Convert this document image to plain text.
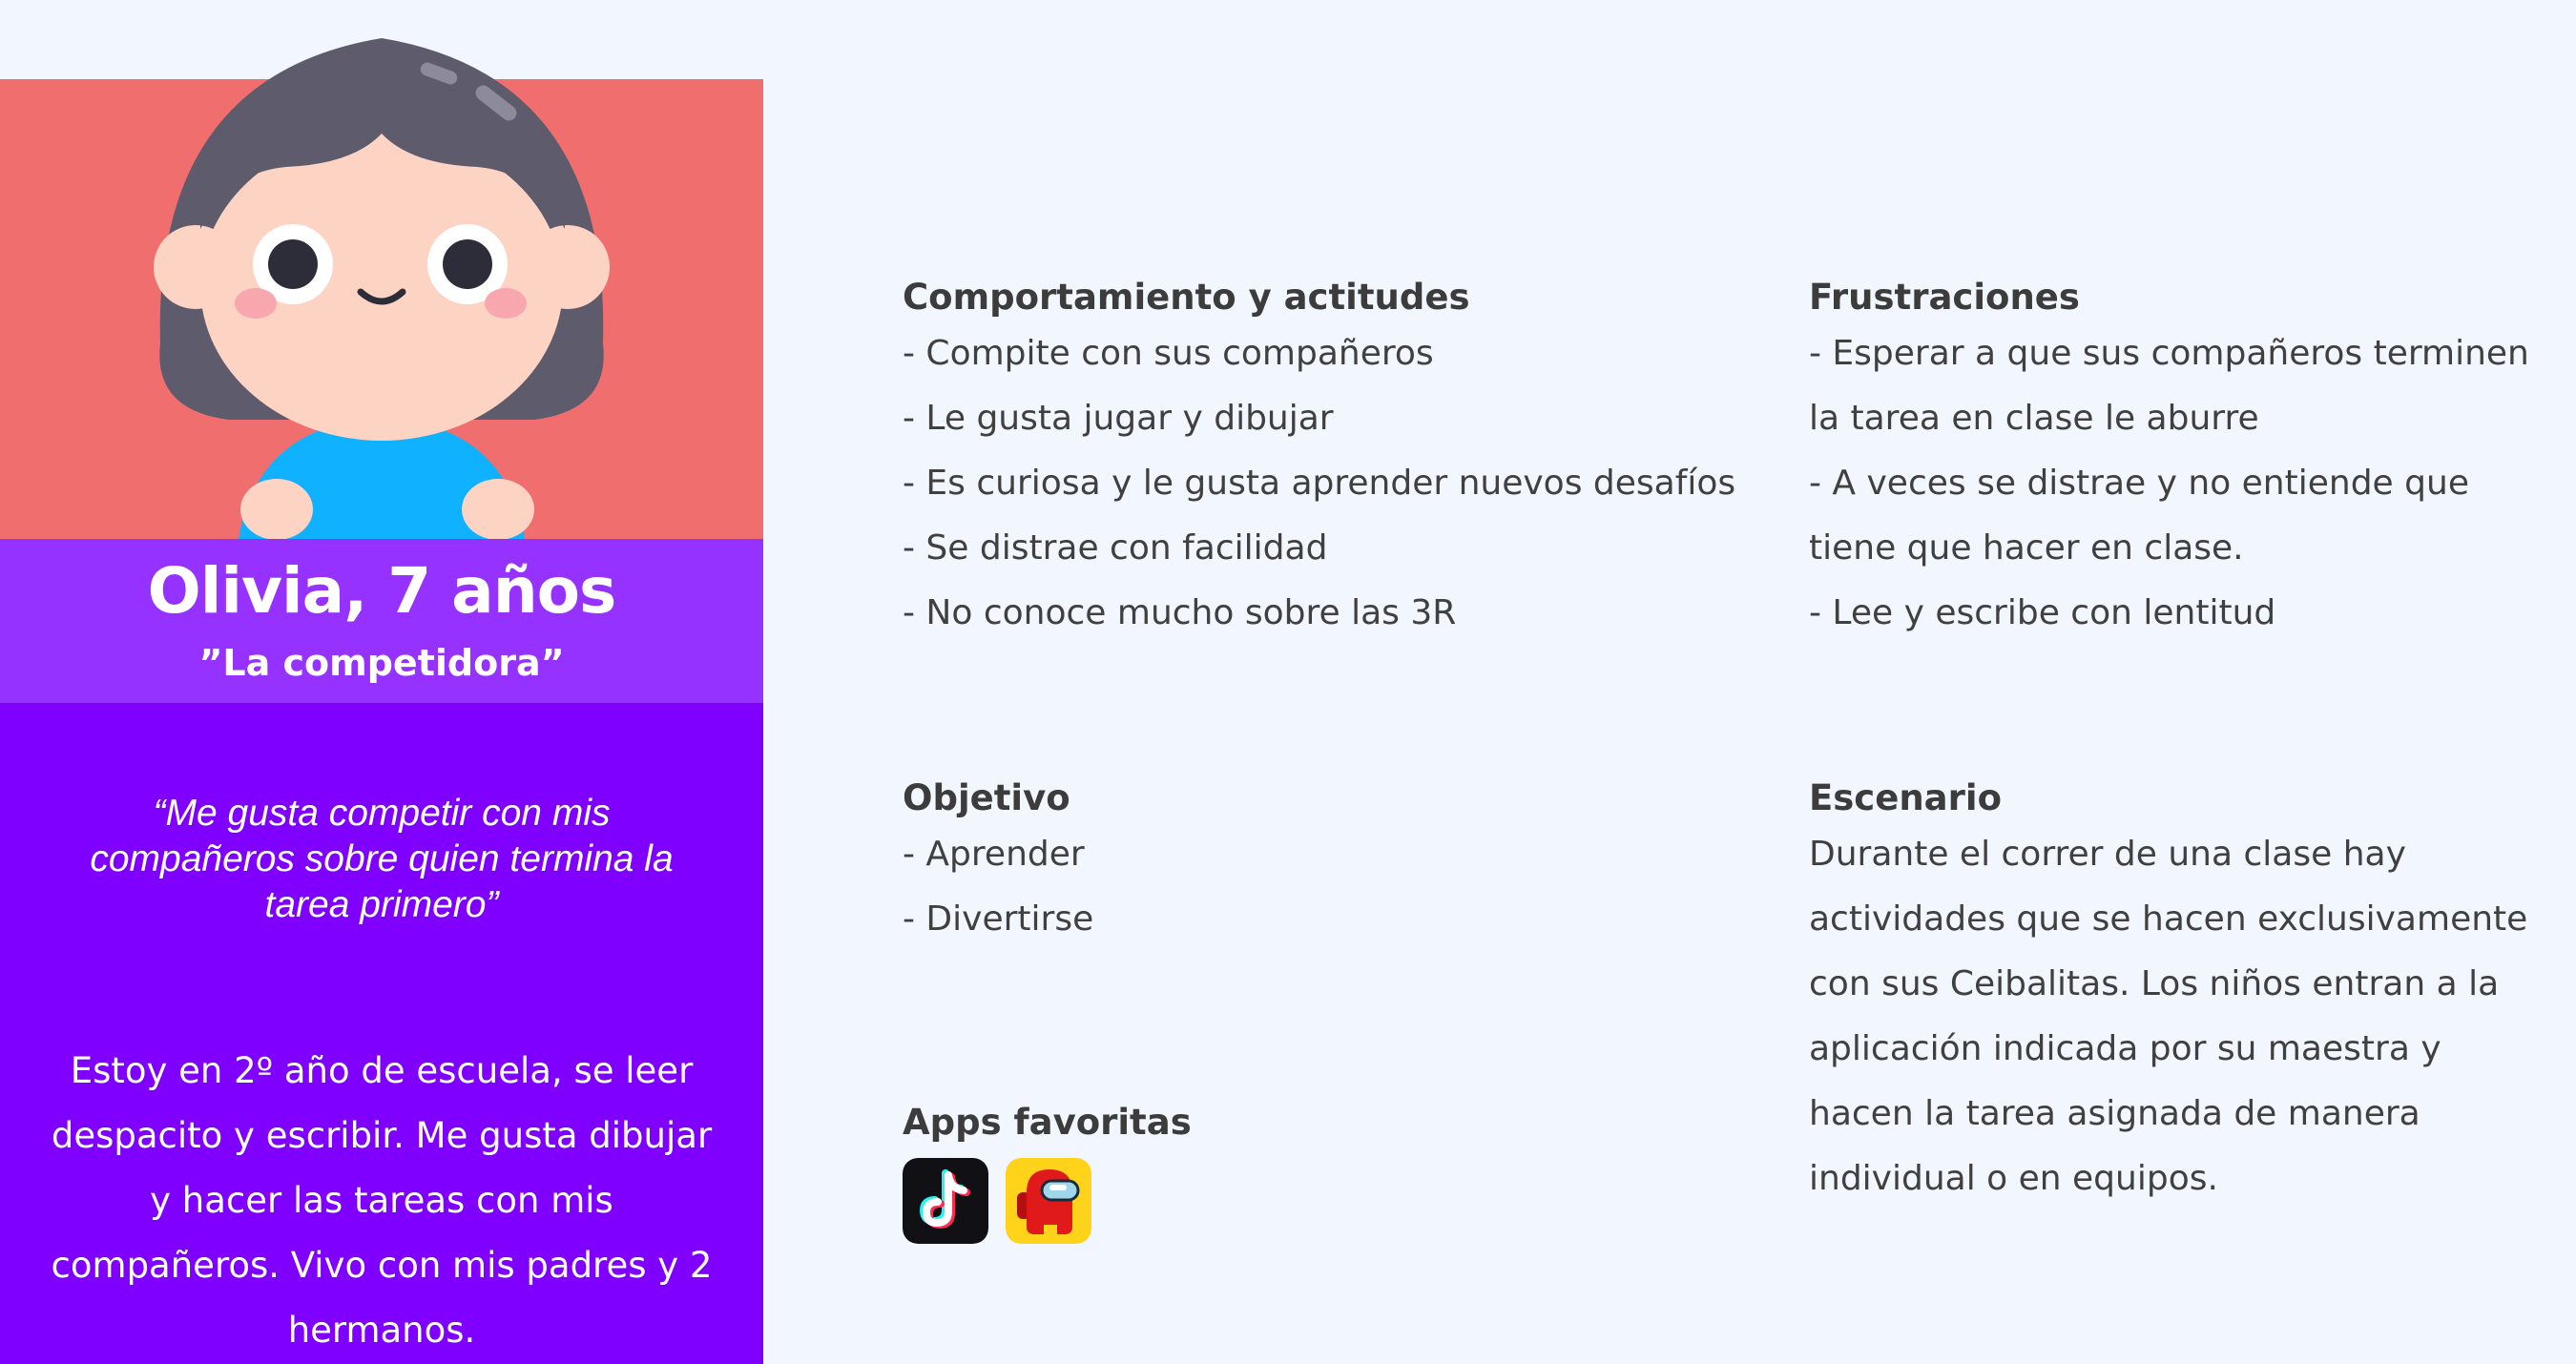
Olivia, 7 años
”La competidora”
“Me gusta competir con mis compañeros sobre quien termina la tarea primero”
Estoy en 2º año de escuela, se leer despacito y escribir. Me gusta dibujar y hacer las tareas con mis compañeros. Vivo con mis padres y 2 hermanos.
Comportamiento y actitudes
- Compite con sus compañeros
- Le gusta jugar y dibujar
- Es curiosa y le gusta aprender nuevos desafíos
- Se distrae con facilidad
- No conoce mucho sobre las 3R
Frustraciones
- Esperar a que sus compañeros terminen la tarea en clase le aburre
- A veces se distrae y no entiende que tiene que hacer en clase.
- Lee y escribe con lentitud
Objetivo
- Aprender
- Divertirse
Escenario
Durante el correr de una clase hay actividades que se hacen exclusivamente con sus Ceibalitas. Los niños entran a la aplicación indicada por su maestra y hacen la tarea asignada de manera individual o en equipos.
Apps favoritas
